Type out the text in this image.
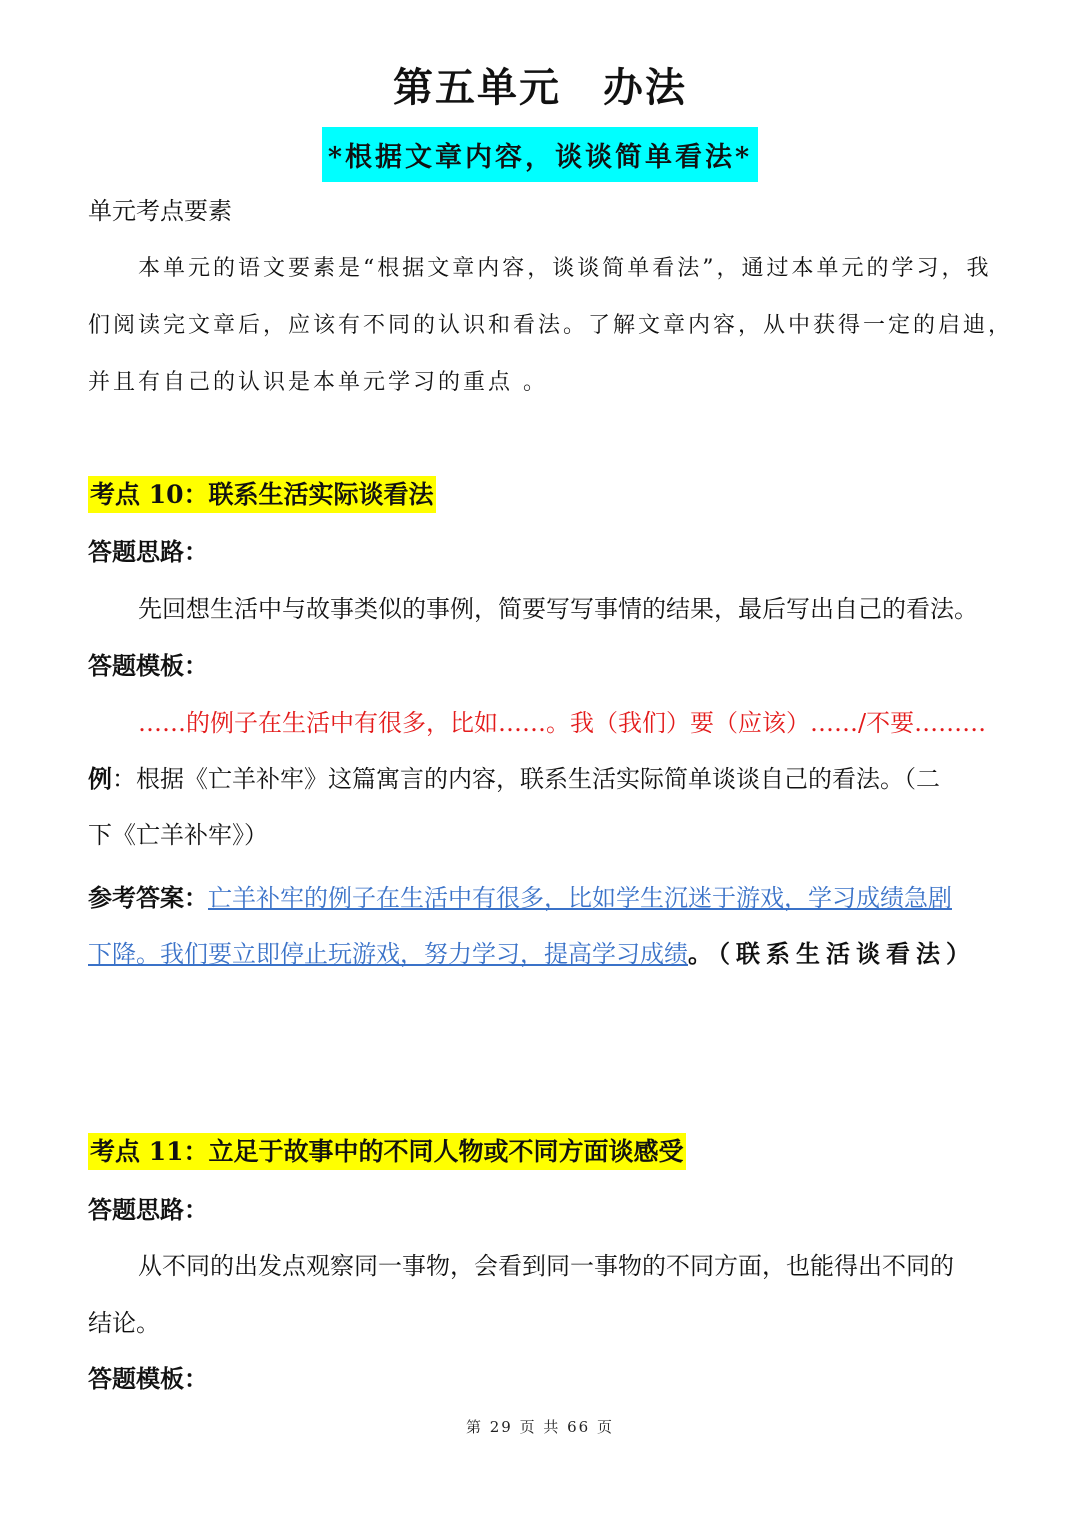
第五单元　办法
*根据文章内容，谈谈简单看法*
单元考点要素
本单元的语文要素是“根据文章内容，谈谈简单看法”，通过本单元的学习，我
们阅读完文章后，应该有不同的认识和看法。了解文章内容，从中获得一定的启迪，
并且有自己的认识是本单元学习的重点 。
考点 10：联系生活实际谈看法
答题思路：
先回想生活中与故事类似的事例，简要写写事情的结果，最后写出自己的看法。
答题模板：
……的例子在生活中有很多，比如……。我（我们）要（应该）……/不要………
例：根据《亡羊补牢》这篇寓言的内容，联系生活实际简单谈谈自己的看法。（二
下《亡羊补牢》）
参考答案：亡羊补牢的例子在生活中有很多，比如学生沉迷于游戏，学习成绩急剧
下降。我们要立即停止玩游戏，努力学习，提高学习成绩。（联系生活谈看法）
考点 11：立足于故事中的不同人物或不同方面谈感受
答题思路：
从不同的出发点观察同一事物，会看到同一事物的不同方面，也能得出不同的
结论。
答题模板：
第 29 页 共 66 页
